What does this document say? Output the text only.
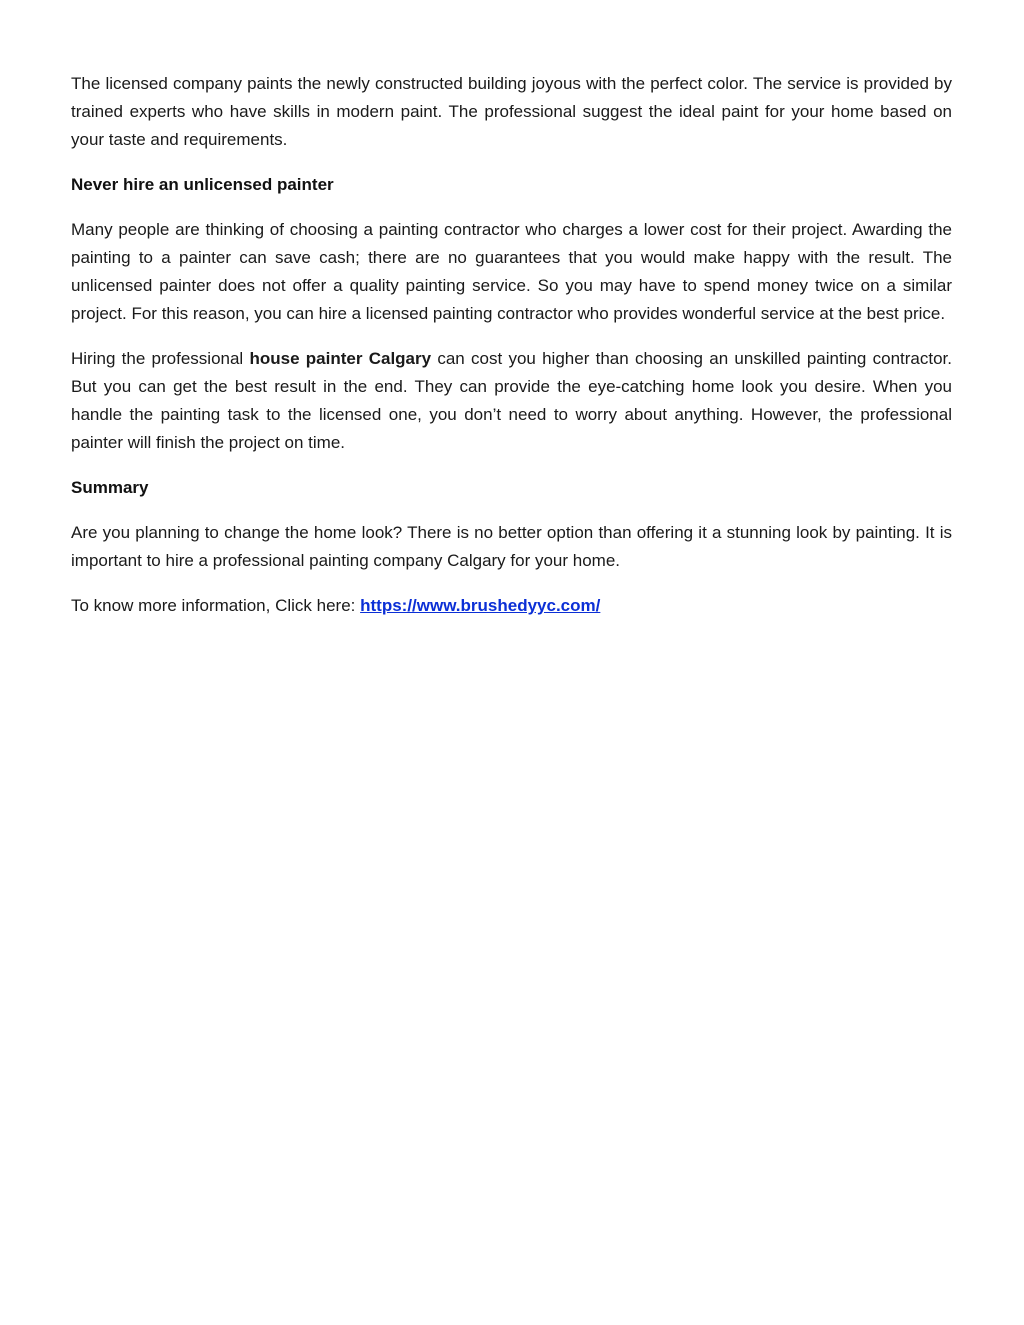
The licensed company paints the newly constructed building joyous with the perfect color. The service is provided by trained experts who have skills in modern paint. The professional suggest the ideal paint for your home based on your taste and requirements.

Never hire an unlicensed painter

Many people are thinking of choosing a painting contractor who charges a lower cost for their project. Awarding the painting to a painter can save cash; there are no guarantees that you would make happy with the result. The unlicensed painter does not offer a quality painting service. So you may have to spend money twice on a similar project. For this reason, you can hire a licensed painting contractor who provides wonderful service at the best price.

Hiring the professional house painter Calgary can cost you higher than choosing an unskilled painting contractor. But you can get the best result in the end. They can provide the eye-catching home look you desire. When you handle the painting task to the licensed one, you don’t need to worry about anything. However, the professional painter will finish the project on time.

Summary

Are you planning to change the home look? There is no better option than offering it a stunning look by painting. It is important to hire a professional painting company Calgary for your home.

To know more information, Click here: https://www.brushedyyc.com/
